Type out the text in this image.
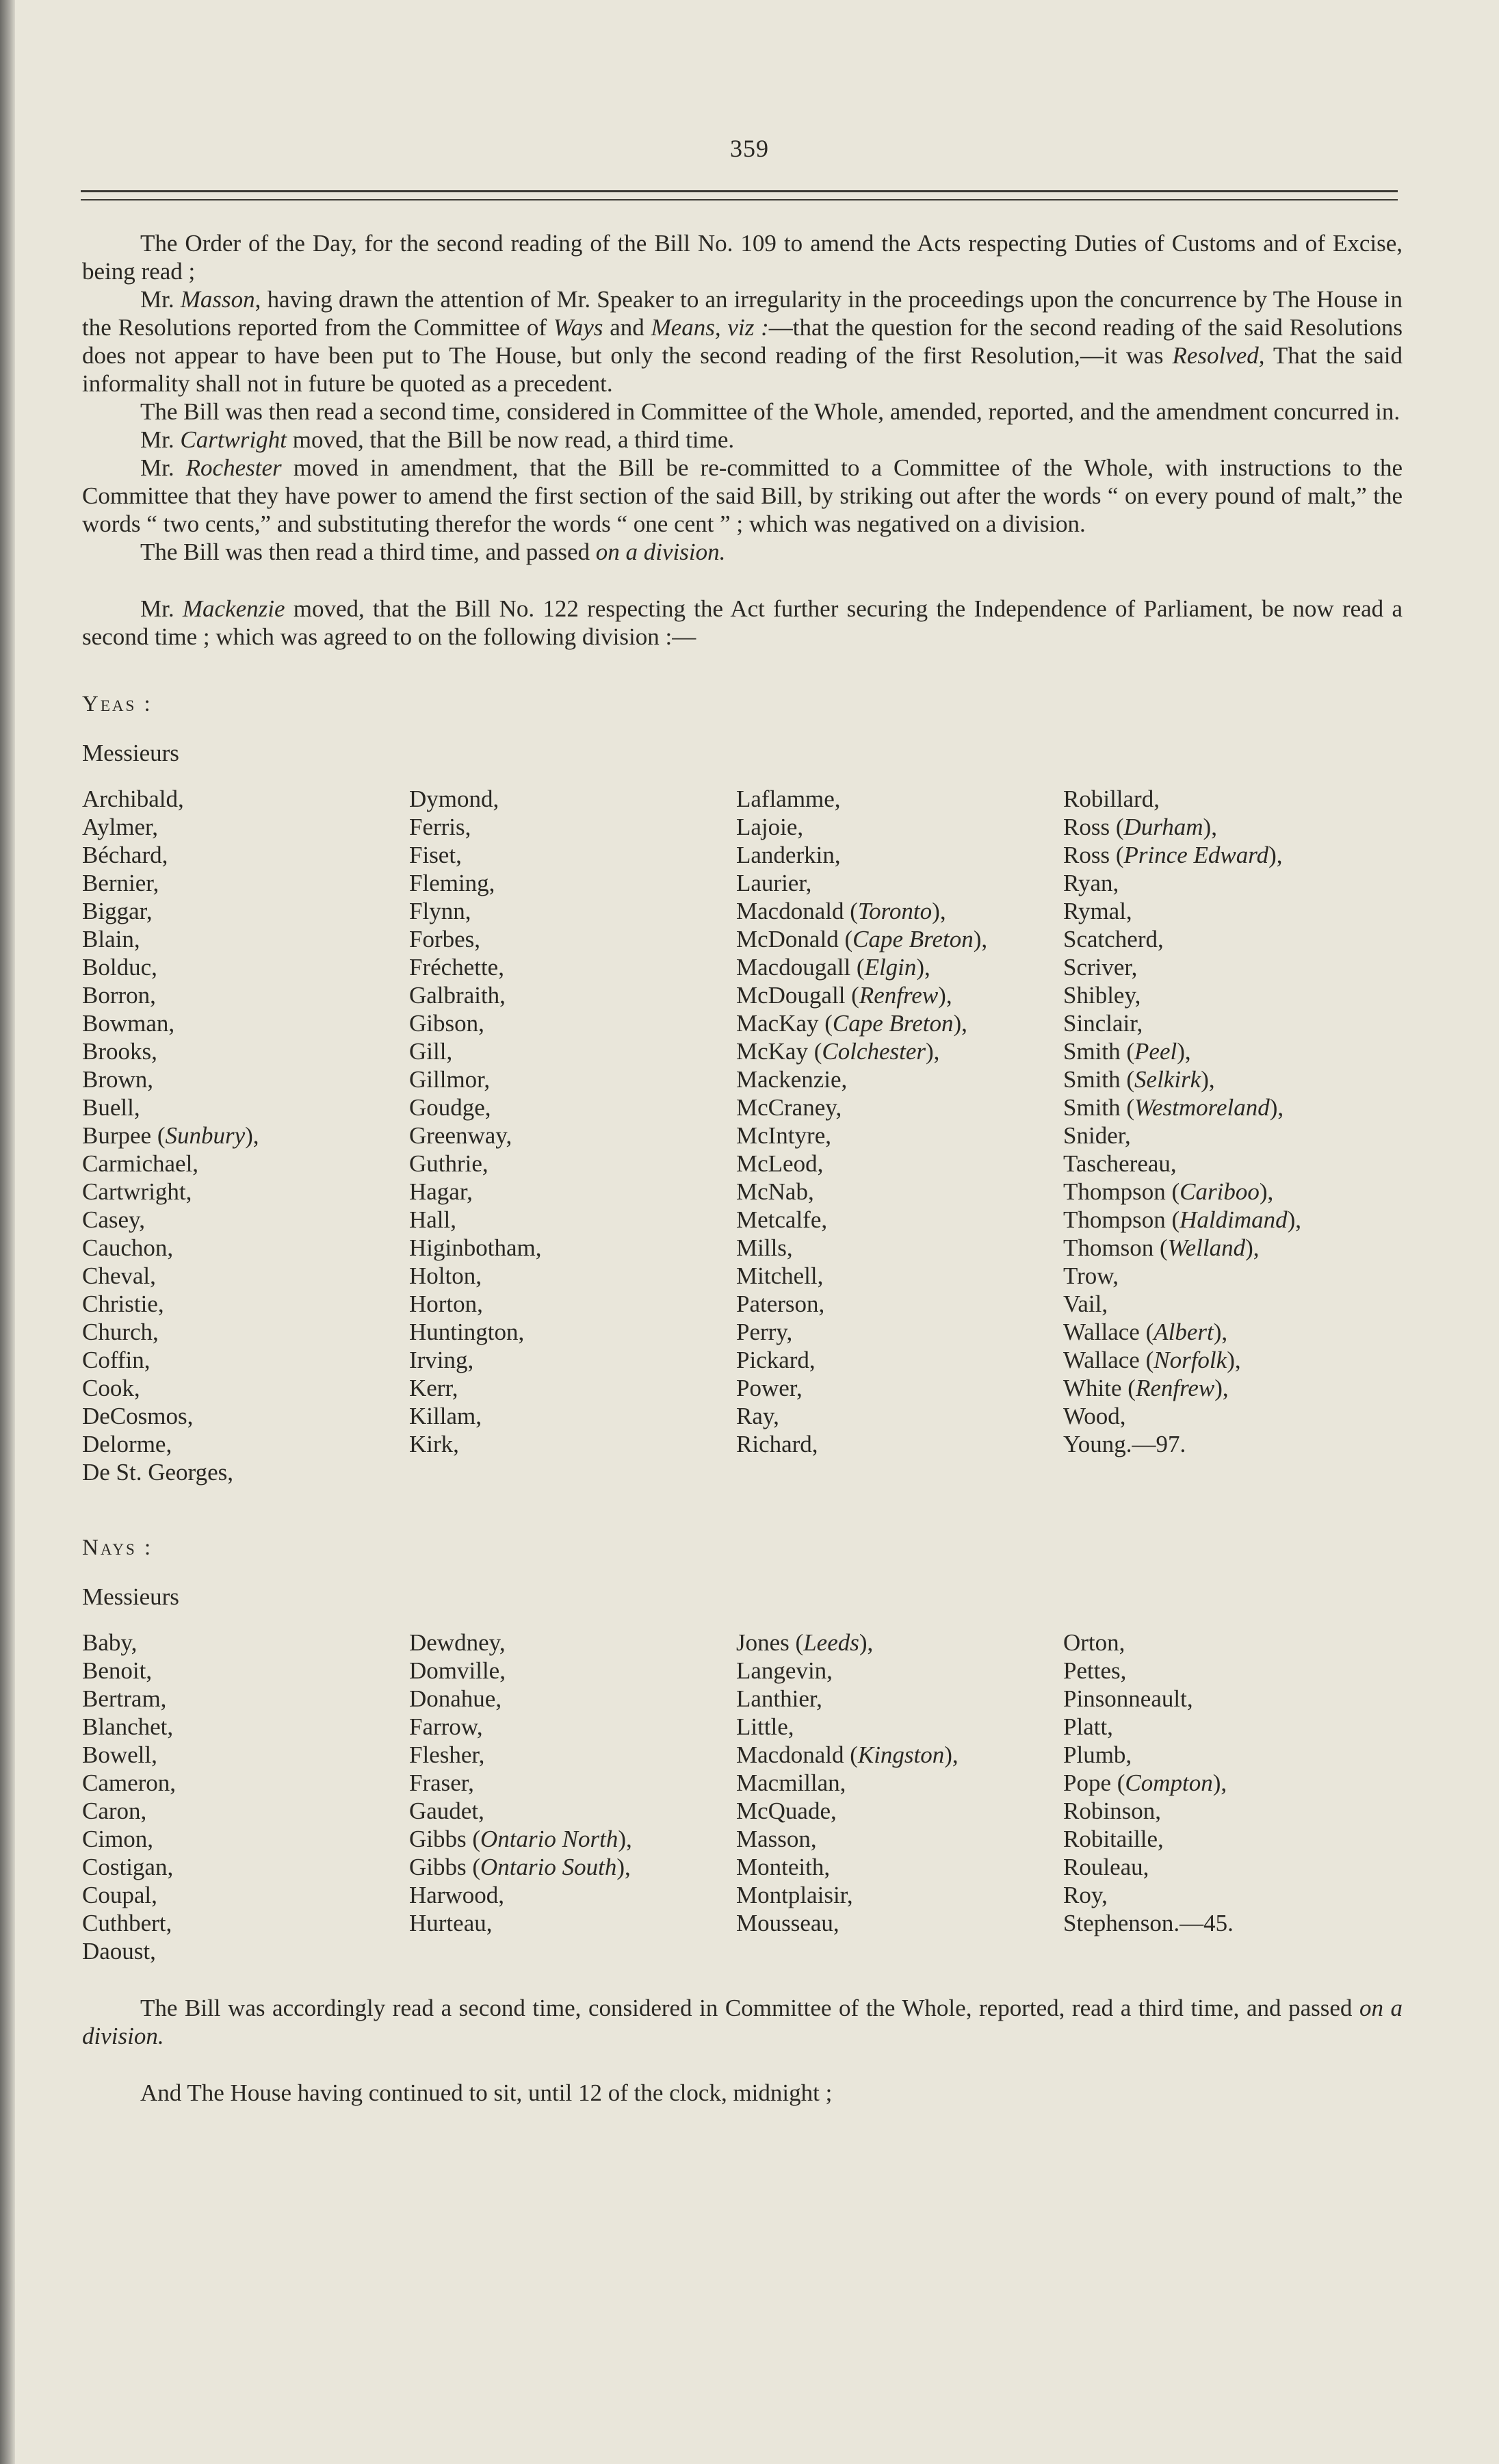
359

The Order of the Day, for the second reading of the Bill No. 109 to amend the Acts respecting Duties of Customs and of Excise, being read ;

Mr. Masson, having drawn the attention of Mr. Speaker to an irregularity in the proceedings upon the concurrence by The House in the Resolutions reported from the Committee of Ways and Means, viz :—that the question for the second reading of the said Resolutions does not appear to have been put to The House, but only the second reading of the first Resolution,—it was Resolved, That the said informality shall not in future be quoted as a precedent.

The Bill was then read a second time, considered in Committee of the Whole, amended, reported, and the amendment concurred in.

Mr. Cartwright moved, that the Bill be now read, a third time.

Mr. Rochester moved in amendment, that the Bill be re-committed to a Committee of the Whole, with instructions to the Committee that they have power to amend the first section of the said Bill, by striking out after the words “ on every pound of malt,” the words “ two cents,” and substituting therefor the words “ one cent ” ; which was negatived on a division.

The Bill was then read a third time, and passed on a division.

Mr. Mackenzie moved, that the Bill No. 122 respecting the Act further securing the Independence of Parliament, be now read a second time ; which was agreed to on the following division :—

Yeas :

Messieurs

Archibald,
Aylmer,
Béchard,
Bernier,
Biggar,
Blain,
Bolduc,
Borron,
Bowman,
Brooks,
Brown,
Buell,
Burpee (Sunbury),
Carmichael,
Cartwright,
Casey,
Cauchon,
Cheval,
Christie,
Church,
Coffin,
Cook,
DeCosmos,
Delorme,
De St. Georges,
Dymond,
Ferris,
Fiset,
Fleming,
Flynn,
Forbes,
Fréchette,
Galbraith,
Gibson,
Gill,
Gillmor,
Goudge,
Greenway,
Guthrie,
Hagar,
Hall,
Higinbotham,
Holton,
Horton,
Huntington,
Irving,
Kerr,
Killam,
Kirk,
Laflamme,
Lajoie,
Landerkin,
Laurier,
Macdonald (Toronto),
McDonald (Cape Breton),
Macdougall (Elgin),
McDougall (Renfrew),
MacKay (Cape Breton),
McKay (Colchester),
Mackenzie,
McCraney,
McIntyre,
McLeod,
McNab,
Metcalfe,
Mills,
Mitchell,
Paterson,
Perry,
Pickard,
Power,
Ray,
Richard,
Robillard,
Ross (Durham),
Ross (Prince Edward),
Ryan,
Rymal,
Scatcherd,
Scriver,
Shibley,
Sinclair,
Smith (Peel),
Smith (Selkirk),
Smith (Westmoreland),
Snider,
Taschereau,
Thompson (Cariboo),
Thompson (Haldimand),
Thomson (Welland),
Trow,
Vail,
Wallace (Albert),
Wallace (Norfolk),
White (Renfrew),
Wood,
Young.—97.

Nays :

Messieurs

Baby,
Benoit,
Bertram,
Blanchet,
Bowell,
Cameron,
Caron,
Cimon,
Costigan,
Coupal,
Cuthbert,
Daoust,
Dewdney,
Domville,
Donahue,
Farrow,
Flesher,
Fraser,
Gaudet,
Gibbs (Ontario North),
Gibbs (Ontario South),
Harwood,
Hurteau,
Jones (Leeds),
Langevin,
Lanthier,
Little,
Macdonald (Kingston),
Macmillan,
McQuade,
Masson,
Monteith,
Montplaisir,
Mousseau,
Orton,
Pettes,
Pinsonneault,
Platt,
Plumb,
Pope (Compton),
Robinson,
Robitaille,
Rouleau,
Roy,
Stephenson.—45.

The Bill was accordingly read a second time, considered in Committee of the Whole, reported, read a third time, and passed on a division.

And The House having continued to sit, until 12 of the clock, midnight ;
